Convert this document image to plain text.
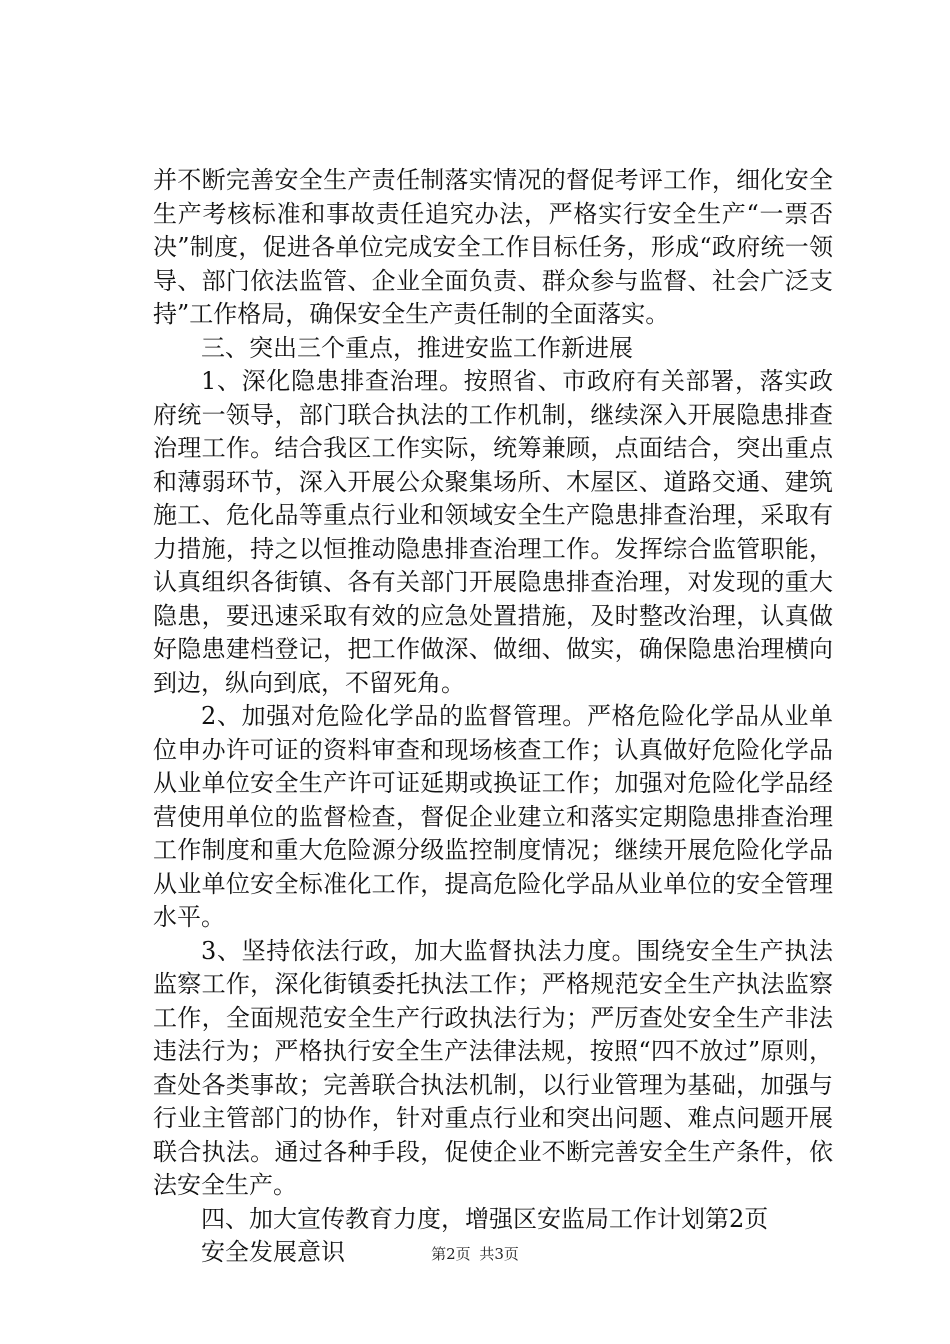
并不断完善安全生产责任制落实情况的督促考评工作，细化安全生产考核标准和事故责任追究办法，严格实行安全生产“一票否决”制度，促进各单位完成安全工作目标任务，形成“政府统一领导、部门依法监管、企业全面负责、群众参与监督、社会广泛支持”工作格局，确保安全生产责任制的全面落实。

三、突出三个重点，推进安监工作新进展

1、深化隐患排查治理。按照省、市政府有关部署，落实政府统一领导，部门联合执法的工作机制，继续深入开展隐患排查治理工作。结合我区工作实际，统筹兼顾，点面结合，突出重点和薄弱环节，深入开展公众聚集场所、木屋区、道路交通、建筑施工、危化品等重点行业和领域安全生产隐患排查治理，采取有力措施，持之以恒推动隐患排查治理工作。发挥综合监管职能，认真组织各街镇、各有关部门开展隐患排查治理，对发现的重大隐患，要迅速采取有效的应急处置措施，及时整改治理，认真做好隐患建档登记，把工作做深、做细、做实，确保隐患治理横向到边，纵向到底，不留死角。

2、加强对危险化学品的监督管理。严格危险化学品从业单位申办许可证的资料审查和现场核查工作；认真做好危险化学品从业单位安全生产许可证延期或换证工作；加强对危险化学品经营使用单位的监督检查，督促企业建立和落实定期隐患排查治理工作制度和重大危险源分级监控制度情况；继续开展危险化学品从业单位安全标准化工作，提高危险化学品从业单位的安全管理水平。

3、坚持依法行政，加大监督执法力度。围绕安全生产执法监察工作，深化街镇委托执法工作；严格规范安全生产执法监察工作，全面规范安全生产行政执法行为；严厉查处安全生产非法违法行为；严格执行安全生产法律法规，按照“四不放过”原则，查处各类事故；完善联合执法机制，以行业管理为基础，加强与行业主管部门的协作，针对重点行业和突出问题、难点问题开展联合执法。通过各种手段，促使企业不断完善安全生产条件，依法安全生产。

四、加大宣传教育力度，增强区安监局工作计划第2页

安全发展意识	第2页 共3页
